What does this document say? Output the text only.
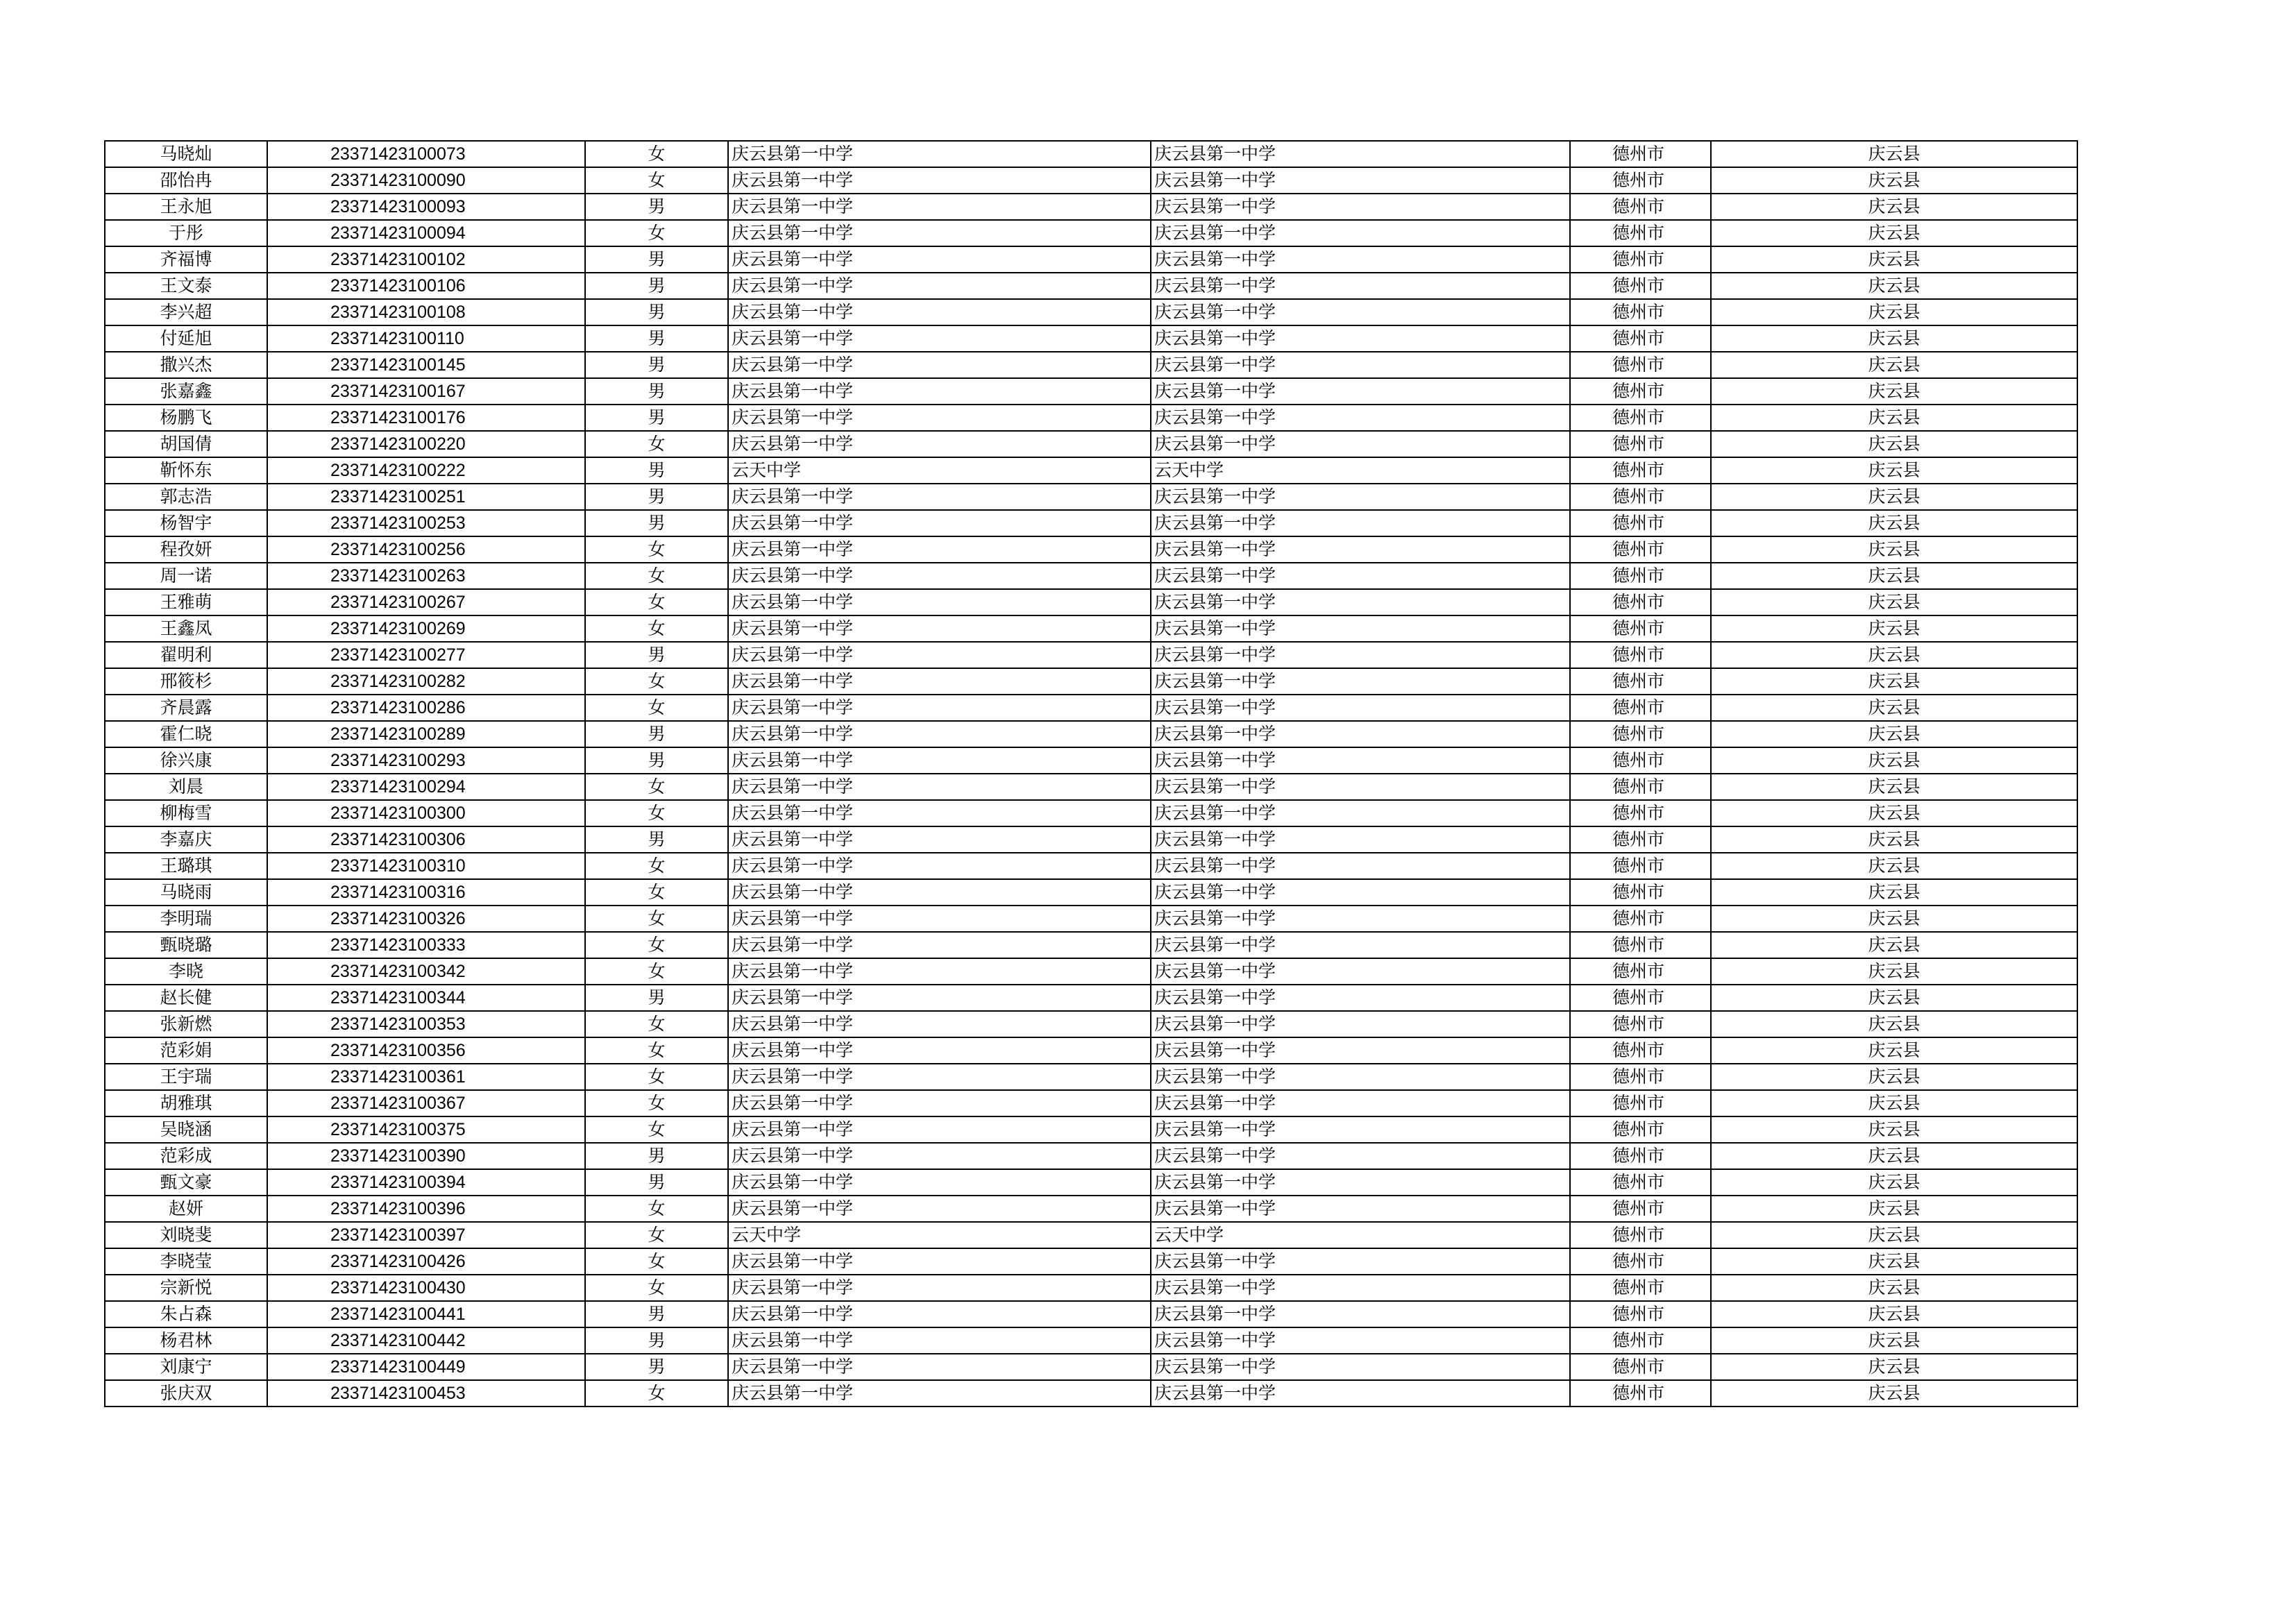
马晓灿	23371423100073	女	庆云县第一中学	庆云县第一中学	德州市	庆云县
邵怡冉	23371423100090	女	庆云县第一中学	庆云县第一中学	德州市	庆云县
王永旭	23371423100093	男	庆云县第一中学	庆云县第一中学	德州市	庆云县
于彤	23371423100094	女	庆云县第一中学	庆云县第一中学	德州市	庆云县
齐福博	23371423100102	男	庆云县第一中学	庆云县第一中学	德州市	庆云县
王文泰	23371423100106	男	庆云县第一中学	庆云县第一中学	德州市	庆云县
李兴超	23371423100108	男	庆云县第一中学	庆云县第一中学	德州市	庆云县
付延旭	23371423100110	男	庆云县第一中学	庆云县第一中学	德州市	庆云县
撒兴杰	23371423100145	男	庆云县第一中学	庆云县第一中学	德州市	庆云县
张嘉鑫	23371423100167	男	庆云县第一中学	庆云县第一中学	德州市	庆云县
杨鹏飞	23371423100176	男	庆云县第一中学	庆云县第一中学	德州市	庆云县
胡国倩	23371423100220	女	庆云县第一中学	庆云县第一中学	德州市	庆云县
靳怀东	23371423100222	男	云天中学	云天中学	德州市	庆云县
郭志浩	23371423100251	男	庆云县第一中学	庆云县第一中学	德州市	庆云县
杨智宇	23371423100253	男	庆云县第一中学	庆云县第一中学	德州市	庆云县
程孜妍	23371423100256	女	庆云县第一中学	庆云县第一中学	德州市	庆云县
周一诺	23371423100263	女	庆云县第一中学	庆云县第一中学	德州市	庆云县
王雅萌	23371423100267	女	庆云县第一中学	庆云县第一中学	德州市	庆云县
王鑫凤	23371423100269	女	庆云县第一中学	庆云县第一中学	德州市	庆云县
翟明利	23371423100277	男	庆云县第一中学	庆云县第一中学	德州市	庆云县
邢筱杉	23371423100282	女	庆云县第一中学	庆云县第一中学	德州市	庆云县
齐晨露	23371423100286	女	庆云县第一中学	庆云县第一中学	德州市	庆云县
霍仁晓	23371423100289	男	庆云县第一中学	庆云县第一中学	德州市	庆云县
徐兴康	23371423100293	男	庆云县第一中学	庆云县第一中学	德州市	庆云县
刘晨	23371423100294	女	庆云县第一中学	庆云县第一中学	德州市	庆云县
柳梅雪	23371423100300	女	庆云县第一中学	庆云县第一中学	德州市	庆云县
李嘉庆	23371423100306	男	庆云县第一中学	庆云县第一中学	德州市	庆云县
王璐琪	23371423100310	女	庆云县第一中学	庆云县第一中学	德州市	庆云县
马晓雨	23371423100316	女	庆云县第一中学	庆云县第一中学	德州市	庆云县
李明瑞	23371423100326	女	庆云县第一中学	庆云县第一中学	德州市	庆云县
甄晓璐	23371423100333	女	庆云县第一中学	庆云县第一中学	德州市	庆云县
李晓	23371423100342	女	庆云县第一中学	庆云县第一中学	德州市	庆云县
赵长健	23371423100344	男	庆云县第一中学	庆云县第一中学	德州市	庆云县
张新燃	23371423100353	女	庆云县第一中学	庆云县第一中学	德州市	庆云县
范彩娟	23371423100356	女	庆云县第一中学	庆云县第一中学	德州市	庆云县
王宇瑞	23371423100361	女	庆云县第一中学	庆云县第一中学	德州市	庆云县
胡雅琪	23371423100367	女	庆云县第一中学	庆云县第一中学	德州市	庆云县
吴晓涵	23371423100375	女	庆云县第一中学	庆云县第一中学	德州市	庆云县
范彩成	23371423100390	男	庆云县第一中学	庆云县第一中学	德州市	庆云县
甄文豪	23371423100394	男	庆云县第一中学	庆云县第一中学	德州市	庆云县
赵妍	23371423100396	女	庆云县第一中学	庆云县第一中学	德州市	庆云县
刘晓斐	23371423100397	女	云天中学	云天中学	德州市	庆云县
李晓莹	23371423100426	女	庆云县第一中学	庆云县第一中学	德州市	庆云县
宗新悦	23371423100430	女	庆云县第一中学	庆云县第一中学	德州市	庆云县
朱占森	23371423100441	男	庆云县第一中学	庆云县第一中学	德州市	庆云县
杨君林	23371423100442	男	庆云县第一中学	庆云县第一中学	德州市	庆云县
刘康宁	23371423100449	男	庆云县第一中学	庆云县第一中学	德州市	庆云县
张庆双	23371423100453	女	庆云县第一中学	庆云县第一中学	德州市	庆云县
